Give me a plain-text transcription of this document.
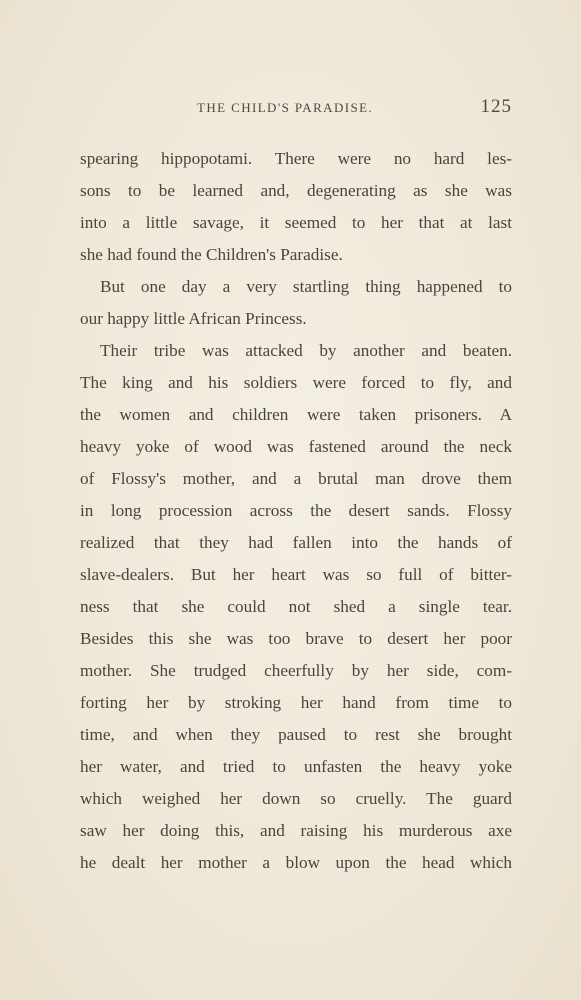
THE CHILD'S PARADISE.	125
spearing hippopotami. There were no hard les-
sons to be learned and, degenerating as she was
into a little savage, it seemed to her that at last
she had found the Children's Paradise.
But one day a very startling thing happened to
our happy little African Princess.
Their tribe was attacked by another and beaten.
The king and his soldiers were forced to fly, and
the women and children were taken prisoners. A
heavy yoke of wood was fastened around the neck
of Flossy's mother, and a brutal man drove them
in long procession across the desert sands. Flossy
realized that they had fallen into the hands of
slave-dealers. But her heart was so full of bitter-
ness that she could not shed a single tear.
Besides this she was too brave to desert her poor
mother. She trudged cheerfully by her side, com-
forting her by stroking her hand from time to
time, and when they paused to rest she brought
her water, and tried to unfasten the heavy yoke
which weighed her down so cruelly. The guard
saw her doing this, and raising his murderous axe
he dealt her mother a blow upon the head which
